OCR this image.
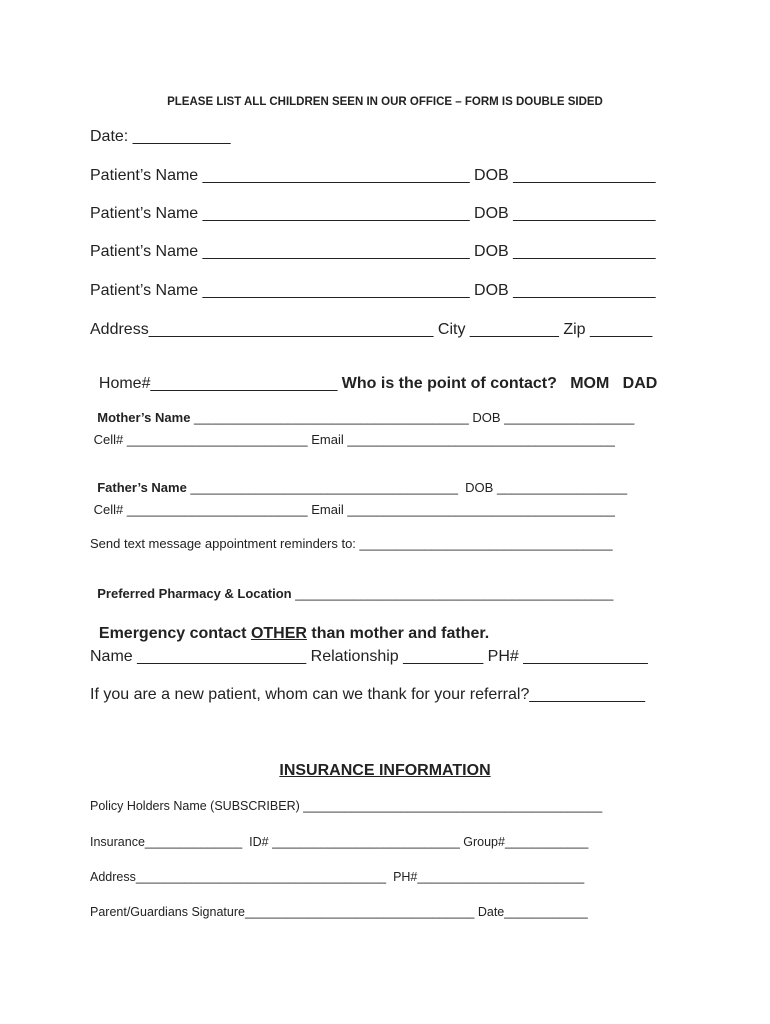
PLEASE LIST ALL CHILDREN SEEN IN OUR OFFICE – FORM IS DOUBLE SIDED
Date: ___________
Patient’s Name ______________________________ DOB ________________
Patient’s Name ______________________________ DOB ________________
Patient’s Name ______________________________ DOB ________________
Patient’s Name ______________________________ DOB ________________
Address________________________________ City __________ Zip _______

Home#_____________________ Who is the point of contact?   MOM   DAD

Mother’s Name ______________________________________ DOB __________________

Cell# _________________________ Email _____________________________________

Father’s Name _____________________________________  DOB __________________

Cell# _________________________ Email _____________________________________
Send text message appointment reminders to: ___________________________________

Preferred Pharmacy & Location ____________________________________________

Emergency contact OTHER than mother and father.

Name ___________________ Relationship _________ PH# ______________
If you are a new patient, whom can we thank for your referral?_____________
INSURANCE INFORMATION
Policy Holders Name (SUBSCRIBER) ___________________________________________
Insurance______________  ID# ___________________________ Group#____________
Address____________________________________  PH#________________________
Parent/Guardians Signature_________________________________ Date____________
